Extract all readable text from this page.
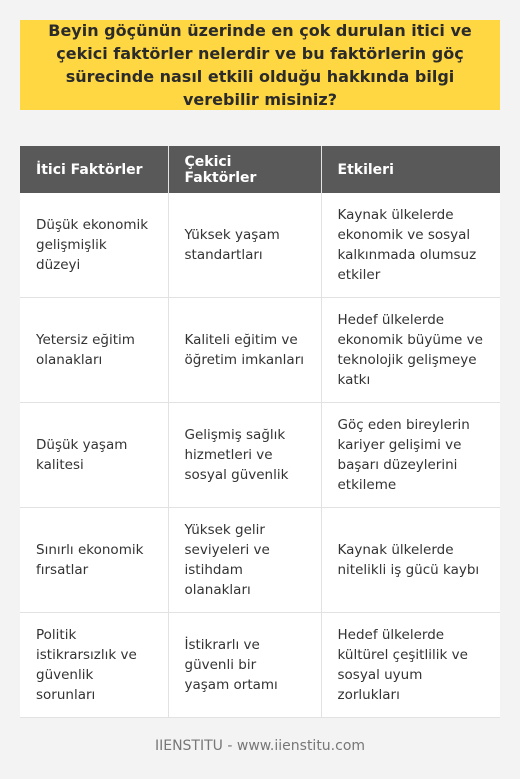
Beyin göçünün üzerinde en çok durulan itici ve çekici faktörler nelerdir ve bu faktörlerin göç sürecinde nasıl etkili olduğu hakkında bilgi verebilir misiniz?
İtici Faktörler	Çekici Faktörler	Etkileri
Düşük ekonomik gelişmişlik düzeyi	Yüksek yaşam standartları	Kaynak ülkelerde ekonomik ve sosyal kalkınmada olumsuz etkiler
Yetersiz eğitim olanakları	Kaliteli eğitim ve öğretim imkanları	Hedef ülkelerde ekonomik büyüme ve teknolojik gelişmeye katkı
Düşük yaşam kalitesi	Gelişmiş sağlık hizmetleri ve sosyal güvenlik	Göç eden bireylerin kariyer gelişimi ve başarı düzeylerini etkileme
Sınırlı ekonomik fırsatlar	Yüksek gelir seviyeleri ve istihdam olanakları	Kaynak ülkelerde nitelikli iş gücü kaybı
Politik istikrarsızlık ve güvenlik sorunları	İstikrarlı ve güvenli bir yaşam ortamı	Hedef ülkelerde kültürel çeşitlilik ve sosyal uyum zorlukları
IIENSTITU - www.iienstitu.com
